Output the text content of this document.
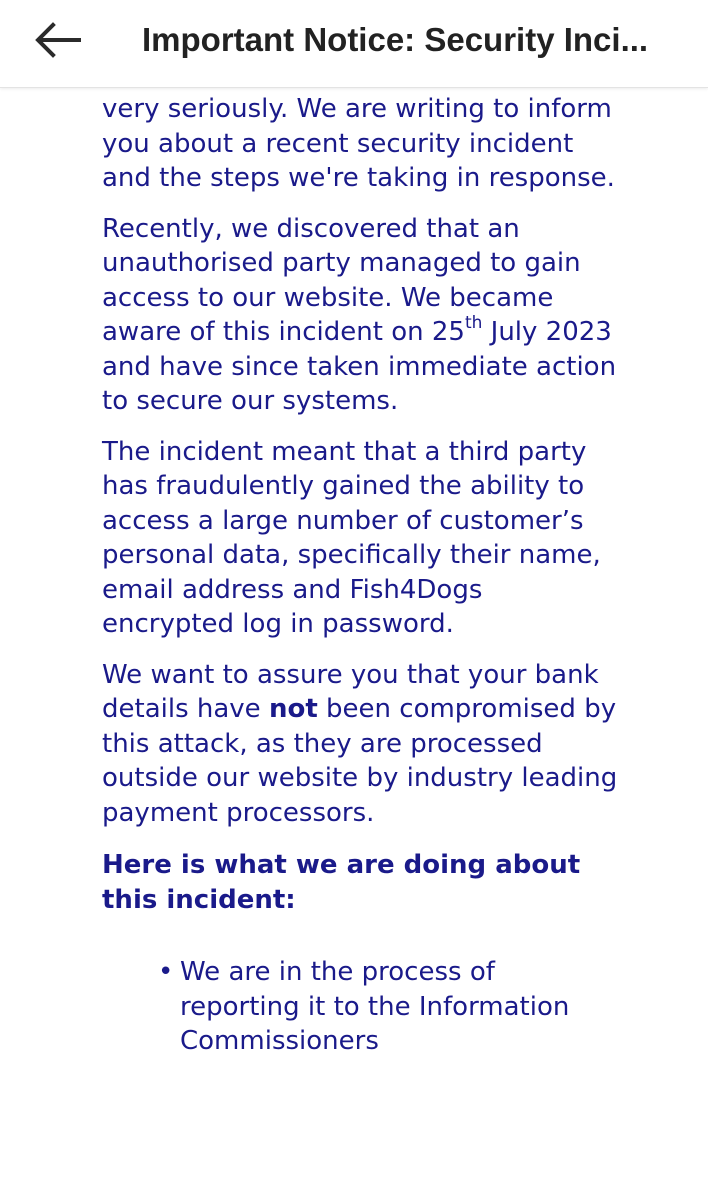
Important Notice: Security Inci...

very seriously. We are writing to inform you about a recent security incident and the steps we're taking in response.

Recently, we discovered that an unauthorised party managed to gain access to our website. We became aware of this incident on 25th July 2023 and have since taken immediate action to secure our systems.

The incident meant that a third party has fraudulently gained the ability to access a large number of customer’s personal data, specifically their name, email address and Fish4Dogs encrypted log in password.

We want to assure you that your bank details have not been compromised by this attack, as they are processed outside our website by industry leading payment processors.

Here is what we are doing about this incident:

• We are in the process of reporting it to the Information Commissioners
